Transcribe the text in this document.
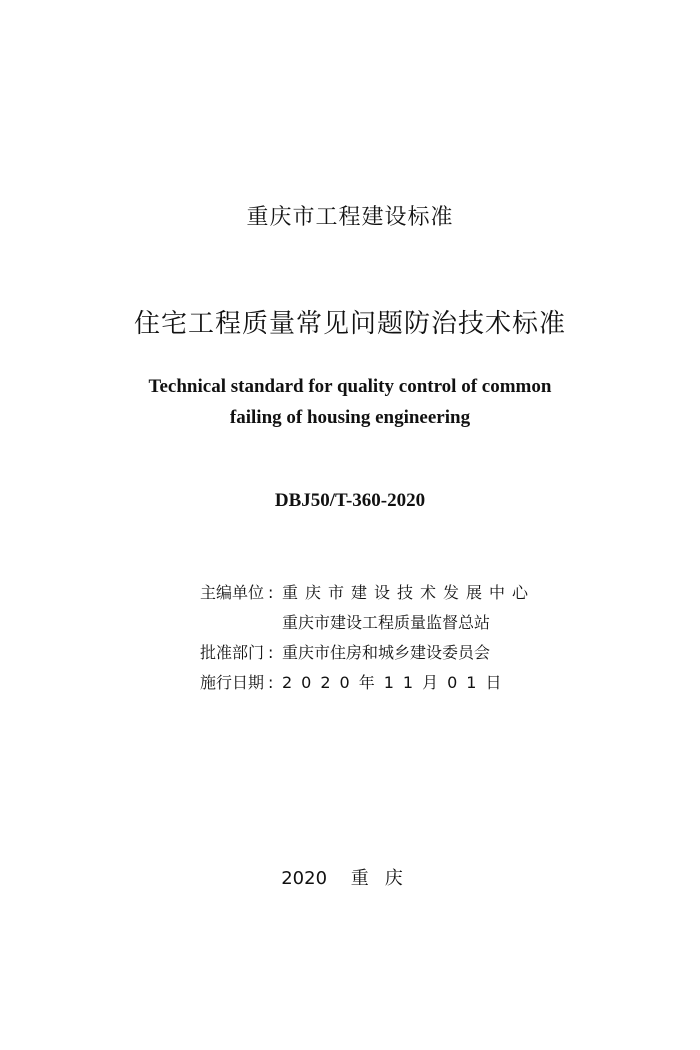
重庆市工程建设标准
住宅工程质量常见问题防治技术标准
Technical standard for quality control of common
failing of housing engineering
DBJ50/T-360-2020
主编单位 : 重庆市建设技术发展中心
重庆市建设工程质量监督总站
批准部门 : 重庆市住房和城乡建设委员会
施行日期 : 2020年11月01日
2020 重庆
